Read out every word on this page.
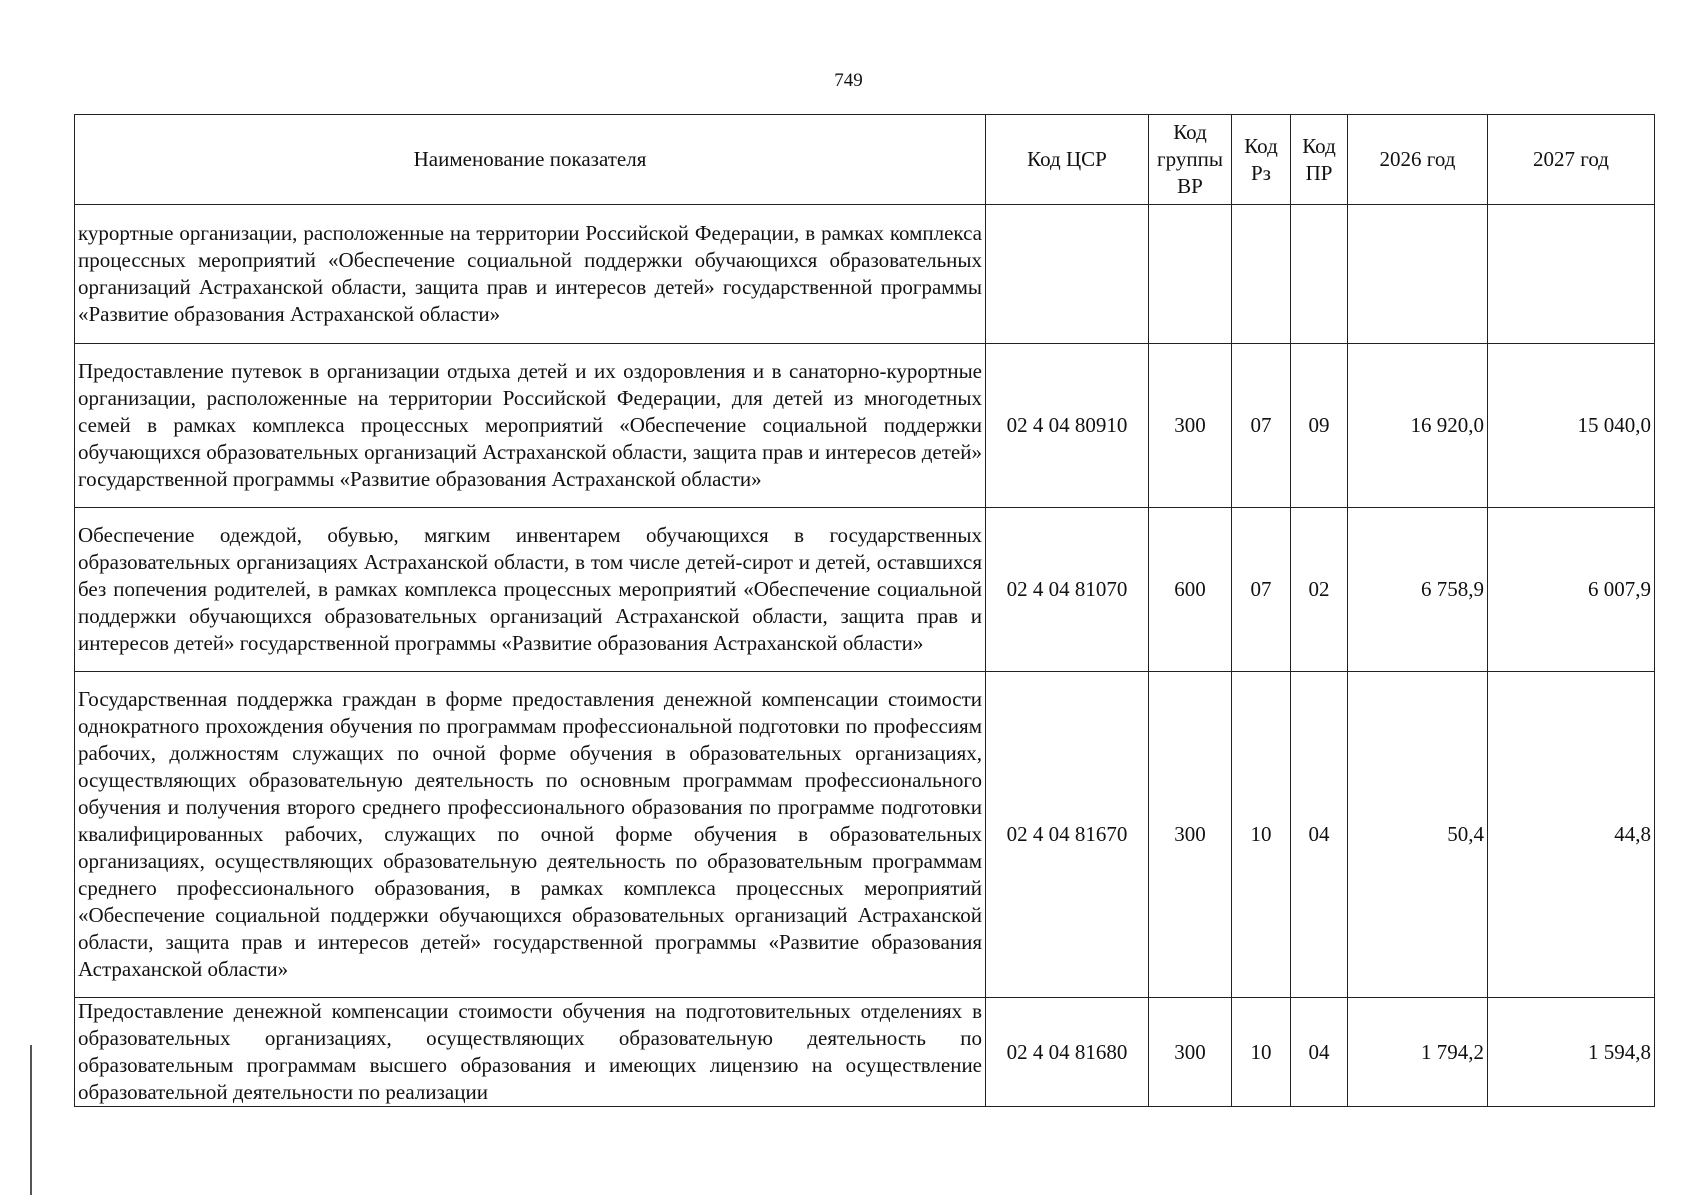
749
Наименование показателя	Код ЦСР	Код группы ВР	Код Рз	Код ПР	2026 год	2027 год

курортные организации, расположенные на территории Российской Федерации, в рамках комплекса процессных мероприятий «Обеспечение социальной поддержки обучающихся образовательных организаций Астраханской области, защита прав и интересов детей» государственной программы «Развитие образования Астраханской области»						

Предоставление путевок в организации отдыха детей и их оздоровления и в санаторно-курортные организации, расположенные на территории Российской Федерации, для детей из многодетных семей в рамках комплекса процессных мероприятий «Обеспечение социальной поддержки обучающихся образовательных организаций Астраханской области, защита прав и интересов детей» государственной программы «Развитие образования Астраханской области»	02 4 04 80910	300	07	09	16 920,0	15 040,0

Обеспечение одеждой, обувью, мягким инвентарем обучающихся в государственных образовательных организациях Астраханской области, в том числе детей-сирот и детей, оставшихся без попечения родителей, в рамках комплекса процессных мероприятий «Обеспечение социальной поддержки обучающихся образовательных организаций Астраханской области, защита прав и интересов детей» государственной программы «Развитие образования Астраханской области»	02 4 04 81070	600	07	02	6 758,9	6 007,9

Государственная поддержка граждан в форме предоставления денежной компенсации стоимости однократного прохождения обучения по программам профессиональной подготовки по профессиям рабочих, должностям служащих по очной форме обучения в образовательных организациях, осуществляющих образовательную деятельность по основным программам профессионального обучения и получения второго среднего профессионального образования по программе подготовки квалифицированных рабочих, служащих по очной форме обучения в образовательных организациях, осуществляющих образовательную деятельность по образовательным программам среднего профессионального образования, в рамках комплекса процессных мероприятий «Обеспечение социальной поддержки обучающихся образовательных организаций Астраханской области, защита прав и интересов детей» государственной программы «Развитие образования Астраханской области»	02 4 04 81670	300	10	04	50,4	44,8

Предоставление денежной компенсации стоимости обучения на подготовительных отделениях в образовательных организациях, осуществляющих образовательную деятельность по образовательным программам высшего образования и имеющих лицензию на осуществление образовательной деятельности по реализации	02 4 04 81680	300	10	04	1 794,2	1 594,8
